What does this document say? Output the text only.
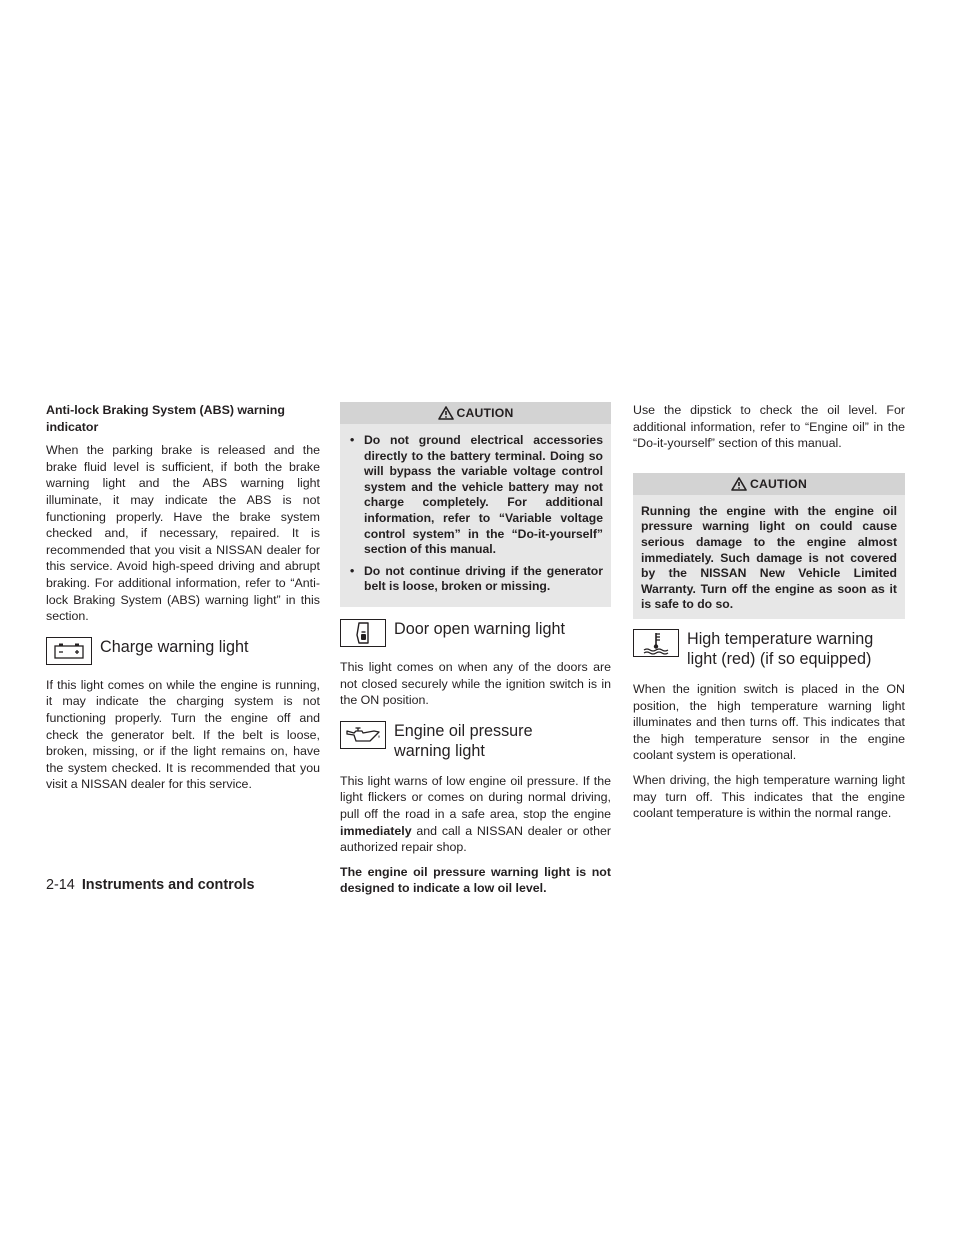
Anti-lock Braking System (ABS) warning
indicator

When the parking brake is released and the brake fluid level is sufficient, if both the brake warning light and the ABS warning light illuminate, it may indicate the ABS is not functioning properly. Have the brake system checked and, if necessary, repaired. It is recommended that you visit a NISSAN dealer for this service. Avoid high-speed driving and abrupt braking. For additional information, refer to “Anti-lock Braking System (ABS) warning light” in this section.

Charge warning light

If this light comes on while the engine is running, it may indicate the charging system is not functioning properly. Turn the engine off and check the generator belt. If the belt is loose, broken, missing, or if the light remains on, have the system checked. It is recommended that you visit a NISSAN dealer for this service.

CAUTION
• Do not ground electrical accessories directly to the battery terminal. Doing so will bypass the variable voltage control system and the vehicle battery may not charge completely. For additional information, refer to “Variable voltage control system” in the “Do-it-yourself” section of this manual.
• Do not continue driving if the generator belt is loose, broken or missing.
Door open warning light

This light comes on when any of the doors are not closed securely while the ignition switch is in the ON position.

Engine oil pressure
warning light

This light warns of low engine oil pressure. If the light flickers or comes on during normal driving, pull off the road in a safe area, stop the engine immediately and call a NISSAN dealer or other authorized repair shop.

The engine oil pressure warning light is not designed to indicate a low oil level.

Use the dipstick to check the oil level. For additional information, refer to “Engine oil” in the “Do-it-yourself” section of this manual.

CAUTION

Running the engine with the engine oil pressure warning light on could cause serious damage to the engine almost immediately. Such damage is not covered by the NISSAN New Vehicle Limited Warranty. Turn off the engine as soon as it is safe to do so.

High temperature warning
light (red) (if so equipped)

When the ignition switch is placed in the ON position, the high temperature warning light illuminates and then turns off. This indicates that the high temperature sensor in the engine coolant system is operational.

When driving, the high temperature warning light may turn off. This indicates that the engine coolant temperature is within the normal range.

2-14 Instruments and controls
